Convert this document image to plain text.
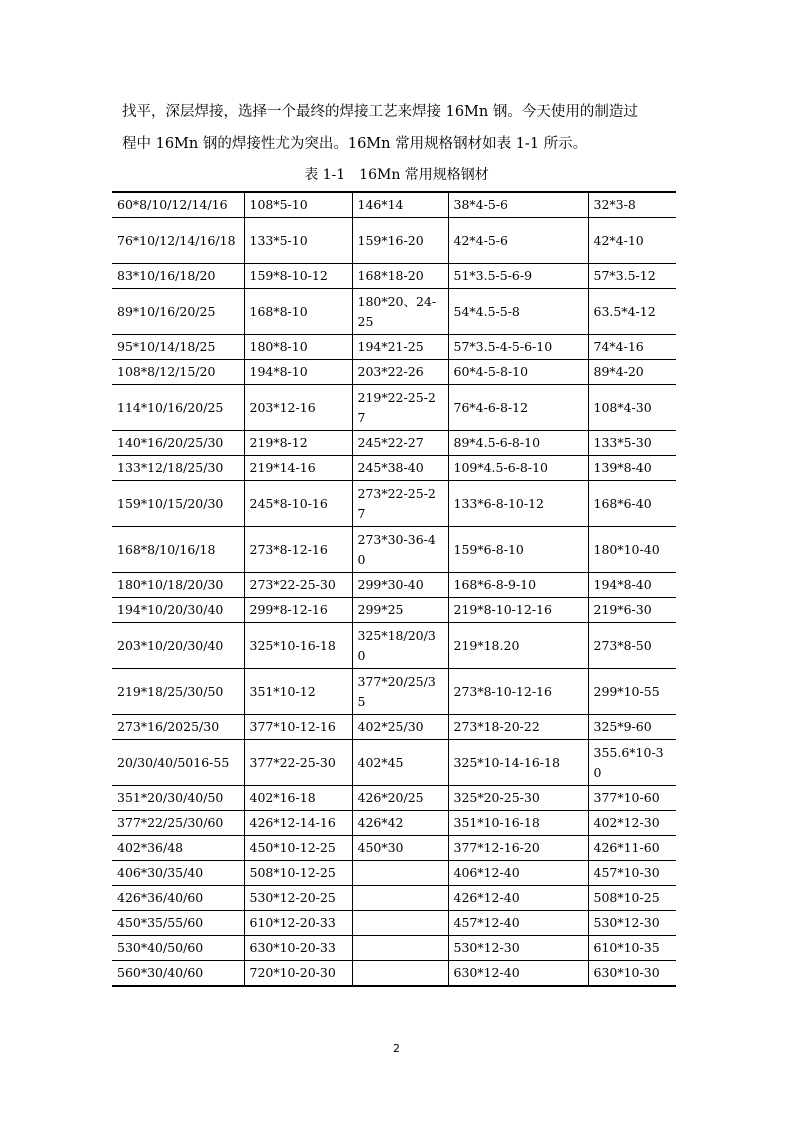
找平，深层焊接，选择一个最终的焊接工艺来焊接 16Mn 钢。今天使用的制造过
程中 16Mn 钢的焊接性尤为突出。16Mn 常用规格钢材如表 1-1 所示。

表 1-1　16Mn 常用规格钢材

60*8/10/12/14/16	108*5-10	146*14	38*4-5-6	32*3-8
76*10/12/14/16/18	133*5-10	159*16-20	42*4-5-6	42*4-10
83*10/16/18/20	159*8-10-12	168*18-20	51*3.5-5-6-9	57*3.5-12
89*10/16/20/25	168*8-10	180*20、24-25	54*4.5-5-8	63.5*4-12
95*10/14/18/25	180*8-10	194*21-25	57*3.5-4-5-6-10	74*4-16
108*8/12/15/20	194*8-10	203*22-26	60*4-5-8-10	89*4-20
114*10/16/20/25	203*12-16	219*22-25-27	76*4-6-8-12	108*4-30
140*16/20/25/30	219*8-12	245*22-27	89*4.5-6-8-10	133*5-30
133*12/18/25/30	219*14-16	245*38-40	109*4.5-6-8-10	139*8-40
159*10/15/20/30	245*8-10-16	273*22-25-27	133*6-8-10-12	168*6-40
168*8/10/16/18	273*8-12-16	273*30-36-40	159*6-8-10	180*10-40
180*10/18/20/30	273*22-25-30	299*30-40	168*6-8-9-10	194*8-40
194*10/20/30/40	299*8-12-16	299*25	219*8-10-12-16	219*6-30
203*10/20/30/40	325*10-16-18	325*18/20/30	219*18.20	273*8-50
219*18/25/30/50	351*10-12	377*20/25/35	273*8-10-12-16	299*10-55
273*16/2025/30	377*10-12-16	402*25/30	273*18-20-22	325*9-60
20/30/40/5016-55	377*22-25-30	402*45	325*10-14-16-18	355.6*10-30
351*20/30/40/50	402*16-18	426*20/25	325*20-25-30	377*10-60
377*22/25/30/60	426*12-14-16	426*42	351*10-16-18	402*12-30
402*36/48	450*10-12-25	450*30	377*12-16-20	426*11-60
406*30/35/40	508*10-12-25		406*12-40	457*10-30
426*36/40/60	530*12-20-25		426*12-40	508*10-25
450*35/55/60	610*12-20-33		457*12-40	530*12-30
530*40/50/60	630*10-20-33		530*12-30	610*10-35
560*30/40/60	720*10-20-30		630*12-40	630*10-30
2
